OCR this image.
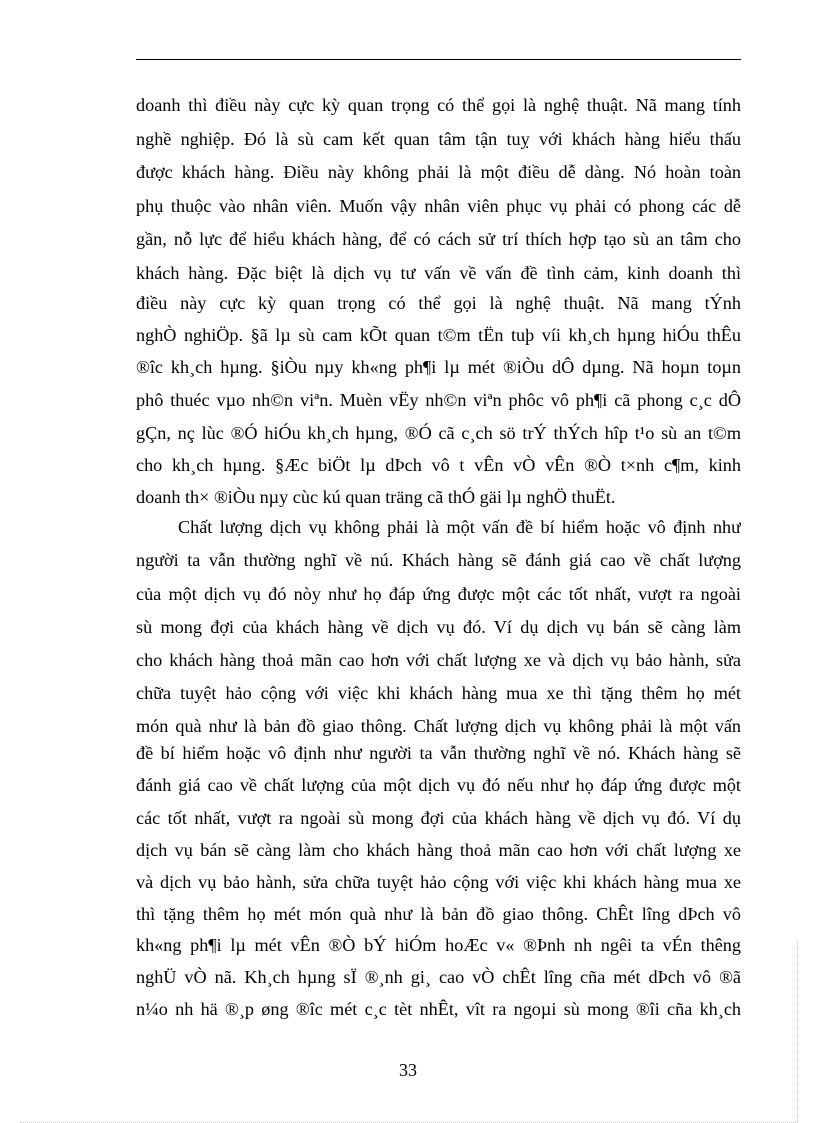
doanh thì điều này cực kỳ quan trọng có thể gọi là nghệ thuật. Nã mang tính
nghề nghiệp. Đó là sù cam kết quan tâm tận tuỵ với khách hàng hiểu thấu
được khách hàng. Điều này không phải là một điều dễ dàng. Nó hoàn toàn
phụ thuộc vào nhân viên. Muốn vậy nhân viên phục vụ phải có phong các dễ
gần, nỗ lực để hiểu khách hàng, để có cách sử trí thích hợp tạo sù an tâm cho
khách hàng. Đặc biệt là dịch vụ tư vấn về vấn đề tình cảm, kinh doanh thì
điều này cực kỳ quan trọng có thể gọi là nghệ thuật. Nã mang tÝnh
nghÒ nghiÖp. §ã lµ sù cam kÕt quan t©m tËn tuþ víi kh¸ch hµng hiÓu thÊu
®îc kh¸ch hµng. §iÒu nµy kh«ng ph¶i lµ mét ®iÒu dÔ dµng. Nã hoµn toµn
phô thuéc vµo nh©n viªn. Muèn vËy nh©n viªn phôc vô ph¶i cã phong c¸c dÔ
gÇn, nç lùc ®Ó hiÓu kh¸ch hµng, ®Ó cã c¸ch sö trÝ thÝch hîp t¹o sù an t©m
cho kh¸ch hµng. §Æc biÖt lµ dÞch vô t vÊn vÒ vÊn ®Ò t×nh c¶m, kinh
doanh th× ®iÒu nµy cùc kú quan träng cã thÓ gäi lµ nghÖ thuËt.
Chất lượng dịch vụ không phải là một vấn đề bí hiểm hoặc vô định như
người ta vẫn thường nghĩ về nú. Khách hàng sẽ đánh giá cao về chất lượng
của một dịch vụ đó nòy như họ đáp ứng được một các tốt nhất, vượt ra ngoài
sù mong đợi của khách hàng về dịch vụ đó. Ví dụ dịch vụ bán sẽ càng làm
cho khách hàng thoả mãn cao hơn với chất lượng xe và dịch vụ bảo hành, sửa
chữa tuyệt hảo cộng với việc khi khách hàng mua xe thì tặng thêm họ mét
món quà như là bản đồ giao thông. Chất lượng dịch vụ không phải là một vấn
đề bí hiểm hoặc vô định như người ta vẫn thường nghĩ về nó. Khách hàng sẽ
đánh giá cao về chất lượng của một dịch vụ đó nếu như họ đáp ứng được một
các tốt nhất, vượt ra ngoài sù mong đợi của khách hàng về dịch vụ đó. Ví dụ
dịch vụ bán sẽ càng làm cho khách hàng thoả mãn cao hơn với chất lượng xe
và dịch vụ bảo hành, sửa chữa tuyệt hảo cộng với việc khi khách hàng mua xe
thì tặng thêm họ mét món quà như là bản đồ giao thông. ChÊt lîng dÞch vô
kh«ng ph¶i lµ mét vÊn ®Ò bÝ hiÓm hoÆc v« ®Þnh nh ngêi ta vÉn thêng
nghÜ vÒ nã. Kh¸ch hµng sÏ ®¸nh gi¸ cao vÒ chÊt lîng cña mét dÞch vô ®ã
n¼o nh hä ®¸p øng ®îc mét c¸c tèt nhÊt, vît ra ngoµi sù mong ®îi cña kh¸ch
33
